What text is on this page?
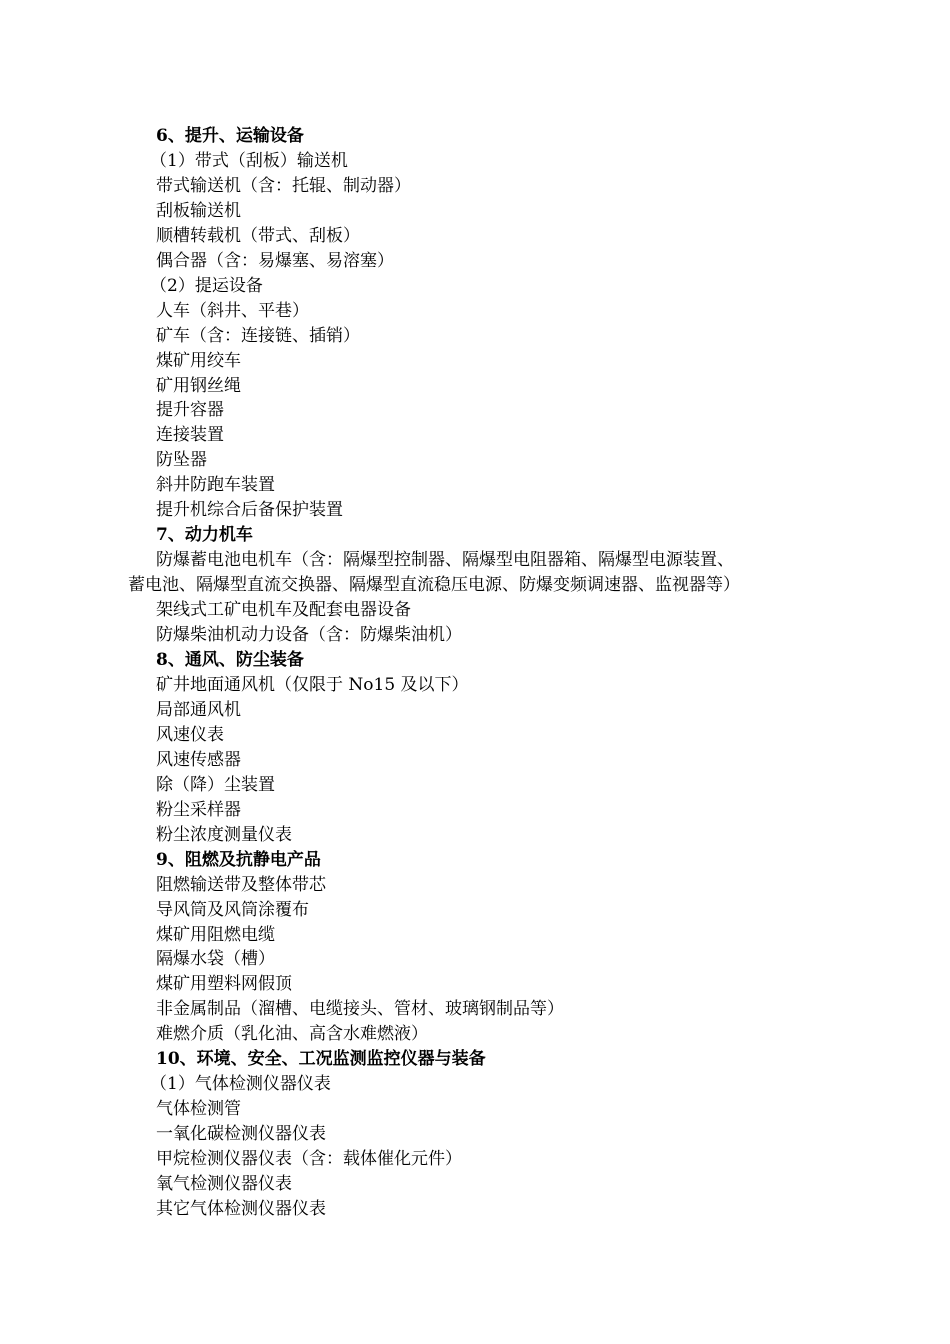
6、提升、运输设备
（1）带式（刮板）输送机
带式输送机（含：托辊、制动器）
刮板输送机
顺槽转载机（带式、刮板）
偶合器（含：易爆塞、易溶塞）
（2）提运设备
人车（斜井、平巷）
矿车（含：连接链、插销）
煤矿用绞车
矿用钢丝绳
提升容器
连接装置
防坠器
斜井防跑车装置
提升机综合后备保护装置
7、动力机车
防爆蓄电池电机车（含：隔爆型控制器、隔爆型电阻器箱、隔爆型电源装置、
蓄电池、隔爆型直流交换器、隔爆型直流稳压电源、防爆变频调速器、监视器等）
架线式工矿电机车及配套电器设备
防爆柴油机动力设备（含：防爆柴油机）
8、通风、防尘装备
矿井地面通风机（仅限于 No15 及以下）
局部通风机
风速仪表
风速传感器
除（降）尘装置
粉尘采样器
粉尘浓度测量仪表
9、阻燃及抗静电产品
阻燃输送带及整体带芯
导风筒及风筒涂覆布
煤矿用阻燃电缆
隔爆水袋（槽）
煤矿用塑料网假顶
非金属制品（溜槽、电缆接头、管材、玻璃钢制品等）
难燃介质（乳化油、高含水难燃液）
10、环境、安全、工况监测监控仪器与装备
（1）气体检测仪器仪表
气体检测管
一氧化碳检测仪器仪表
甲烷检测仪器仪表（含：载体催化元件）
氧气检测仪器仪表
其它气体检测仪器仪表
